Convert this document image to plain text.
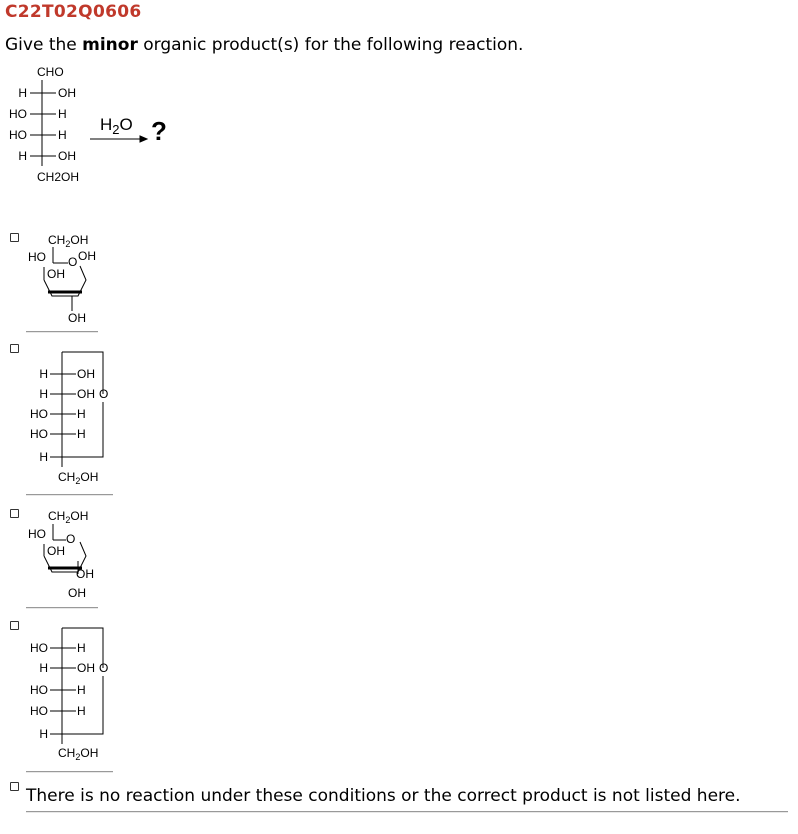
C22T02Q0606
Give the minor organic product(s) for the following reaction.
CHO
H	OH
HO	H
HO	H
H	OH
CH2OH
$H_2O$ ?
$CH_2OH$
HO O OH
OH
OH
H OH
H OH O
HO H
HO H
H
$CH_2OH$
$CH_2OH$
HO O
OH
OH
OH
HO H
H OH O
HO H
HO H
H
$CH_2OH$
There is no reaction under these conditions or the correct product is not listed here.
